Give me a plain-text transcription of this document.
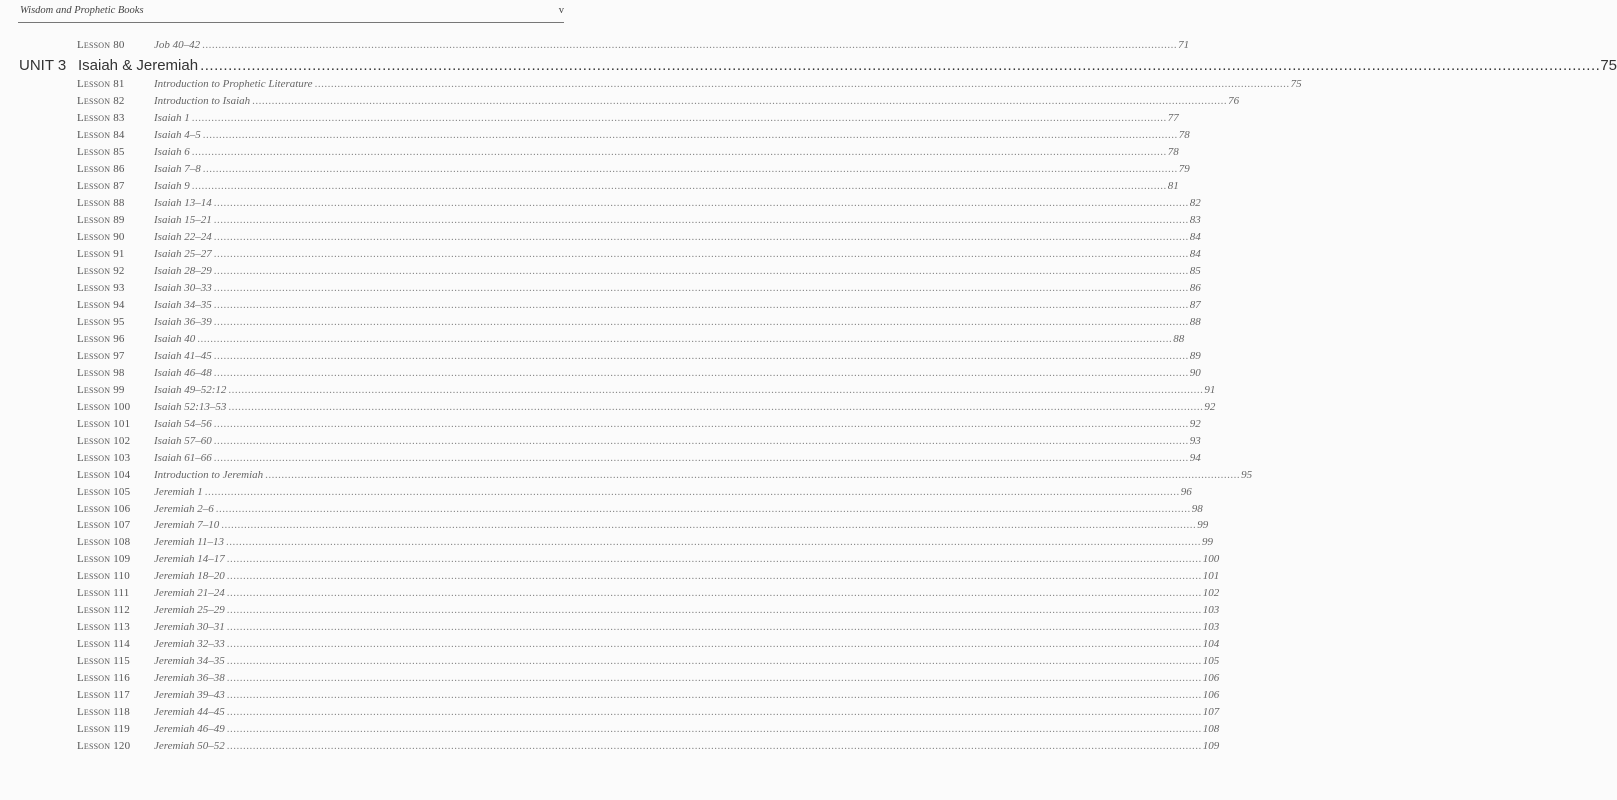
Wisdom and Prophetic Books	v
Lesson 80	Job 40–42 ............................................................................................................................................................................................................................................................................................................ 71
UNIT 3 Isaiah & Jeremiah ............................................................................................................................................................................................................................................................................................................ 75
Lesson 81	Introduction to Prophetic Literature ............................................................................................................................................................................................................................................................................................................ 75
Lesson 82	Introduction to Isaiah ............................................................................................................................................................................................................................................................................................................ 76
Lesson 83	Isaiah 1 ............................................................................................................................................................................................................................................................................................................ 77
Lesson 84	Isaiah 4–5 ............................................................................................................................................................................................................................................................................................................ 78
Lesson 85	Isaiah 6 ............................................................................................................................................................................................................................................................................................................ 78
Lesson 86	Isaiah 7–8 ............................................................................................................................................................................................................................................................................................................ 79
Lesson 87	Isaiah 9 ............................................................................................................................................................................................................................................................................................................ 81
Lesson 88	Isaiah 13–14 ............................................................................................................................................................................................................................................................................................................ 82
Lesson 89	Isaiah 15–21 ............................................................................................................................................................................................................................................................................................................ 83
Lesson 90	Isaiah 22–24 ............................................................................................................................................................................................................................................................................................................ 84
Lesson 91	Isaiah 25–27 ............................................................................................................................................................................................................................................................................................................ 84
Lesson 92	Isaiah 28–29 ............................................................................................................................................................................................................................................................................................................ 85
Lesson 93	Isaiah 30–33 ............................................................................................................................................................................................................................................................................................................ 86
Lesson 94	Isaiah 34–35 ............................................................................................................................................................................................................................................................................................................ 87
Lesson 95	Isaiah 36–39 ............................................................................................................................................................................................................................................................................................................ 88
Lesson 96	Isaiah 40 ............................................................................................................................................................................................................................................................................................................ 88
Lesson 97	Isaiah 41–45 ............................................................................................................................................................................................................................................................................................................ 89
Lesson 98	Isaiah 46–48 ............................................................................................................................................................................................................................................................................................................ 90
Lesson 99	Isaiah 49–52:12 ............................................................................................................................................................................................................................................................................................................ 91
Lesson 100	Isaiah 52:13–53 ............................................................................................................................................................................................................................................................................................................ 92
Lesson 101	Isaiah 54–56 ............................................................................................................................................................................................................................................................................................................ 92
Lesson 102	Isaiah 57–60 ............................................................................................................................................................................................................................................................................................................ 93
Lesson 103	Isaiah 61–66 ............................................................................................................................................................................................................................................................................................................ 94
Lesson 104	Introduction to Jeremiah ............................................................................................................................................................................................................................................................................................................ 95
Lesson 105	Jeremiah 1 ............................................................................................................................................................................................................................................................................................................ 96
Lesson 106	Jeremiah 2–6 ............................................................................................................................................................................................................................................................................................................ 98
Lesson 107	Jeremiah 7–10 ............................................................................................................................................................................................................................................................................................................ 99
Lesson 108	Jeremiah 11–13 ............................................................................................................................................................................................................................................................................................................ 99
Lesson 109	Jeremiah 14–17 ............................................................................................................................................................................................................................................................................................................ 100
Lesson 110	Jeremiah 18–20 ............................................................................................................................................................................................................................................................................................................ 101
Lesson 111	Jeremiah 21–24 ............................................................................................................................................................................................................................................................................................................ 102
Lesson 112	Jeremiah 25–29 ............................................................................................................................................................................................................................................................................................................ 103
Lesson 113	Jeremiah 30–31 ............................................................................................................................................................................................................................................................................................................ 103
Lesson 114	Jeremiah 32–33 ............................................................................................................................................................................................................................................................................................................ 104
Lesson 115	Jeremiah 34–35 ............................................................................................................................................................................................................................................................................................................ 105
Lesson 116	Jeremiah 36–38 ............................................................................................................................................................................................................................................................................................................ 106
Lesson 117	Jeremiah 39–43 ............................................................................................................................................................................................................................................................................................................ 106
Lesson 118	Jeremiah 44–45 ............................................................................................................................................................................................................................................................................................................ 107
Lesson 119	Jeremiah 46–49 ............................................................................................................................................................................................................................................................................................................ 108
Lesson 120	Jeremiah 50–52 ............................................................................................................................................................................................................................................................................................................ 109
